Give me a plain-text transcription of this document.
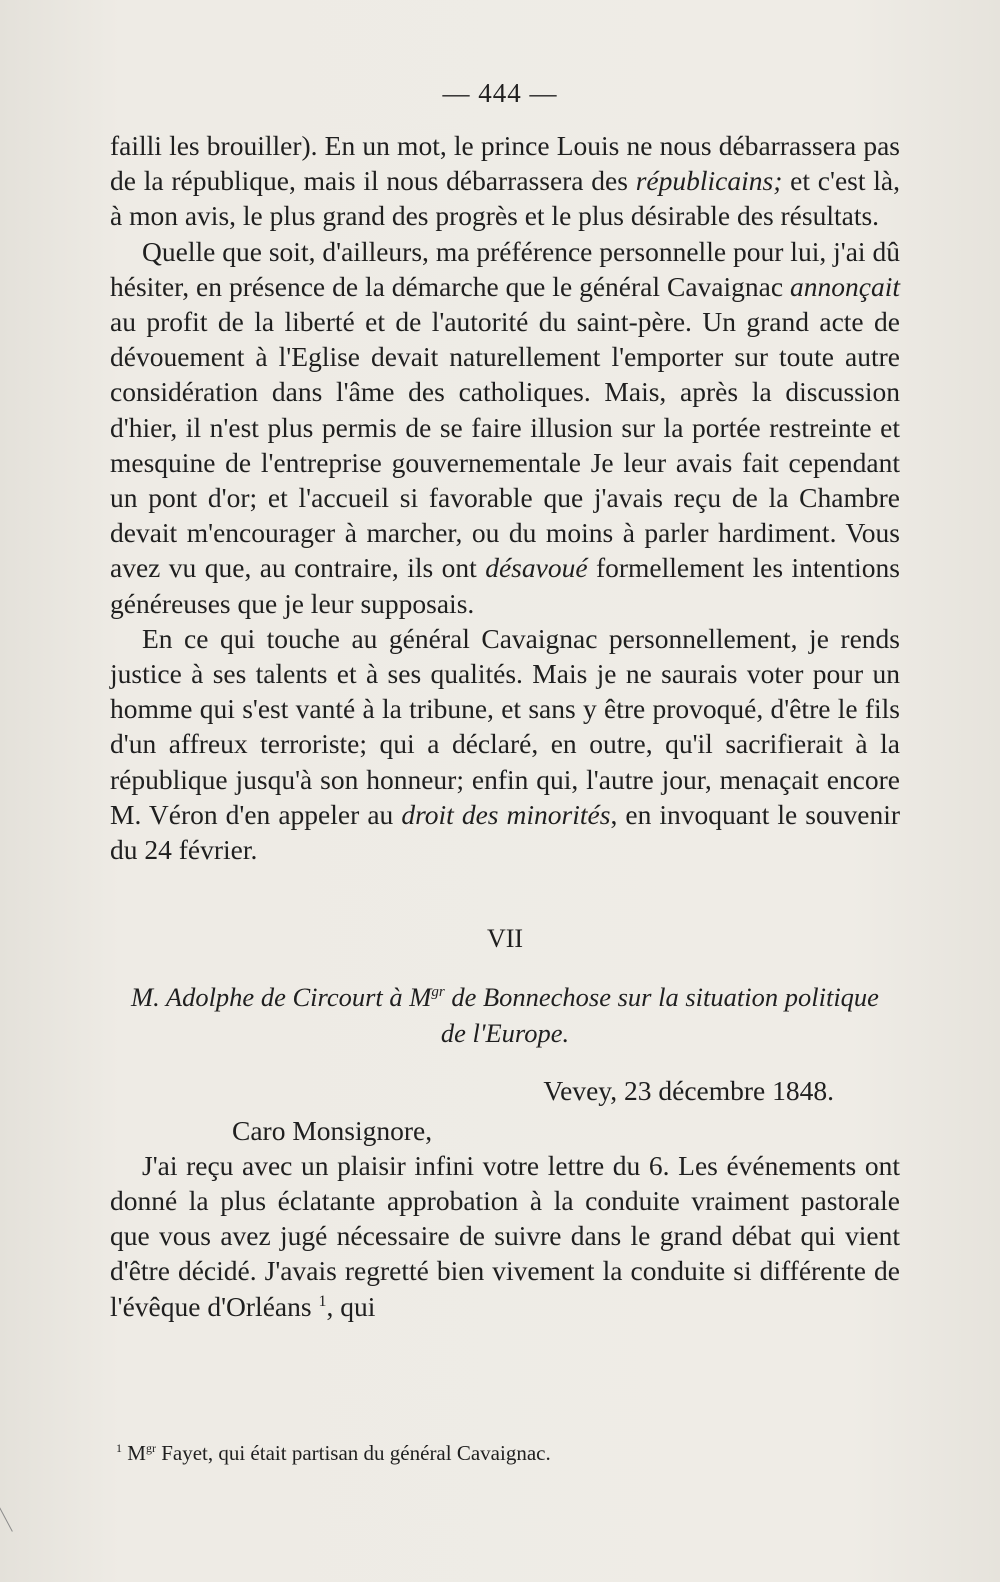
— 444 —

failli les brouiller). En un mot, le prince Louis ne nous débarrassera pas de la république, mais il nous débarrassera des républicains; et c'est là, à mon avis, le plus grand des progrès et le plus désirable des résultats.

Quelle que soit, d'ailleurs, ma préférence personnelle pour lui, j'ai dû hésiter, en présence de la démarche que le général Cavaignac annonçait au profit de la liberté et de l'autorité du saint-père. Un grand acte de dévouement à l'Eglise devait naturellement l'emporter sur toute autre considération dans l'âme des catholiques. Mais, après la discussion d'hier, il n'est plus permis de se faire illusion sur la portée restreinte et mesquine de l'entreprise gouvernementale Je leur avais fait cependant un pont d'or; et l'accueil si favorable que j'avais reçu de la Chambre devait m'encourager à marcher, ou du moins à parler hardiment. Vous avez vu que, au contraire, ils ont désavoué formellement les intentions généreuses que je leur supposais.

En ce qui touche au général Cavaignac personnellement, je rends justice à ses talents et à ses qualités. Mais je ne saurais voter pour un homme qui s'est vanté à la tribune, et sans y être provoqué, d'être le fils d'un affreux terroriste; qui a déclaré, en outre, qu'il sacrifierait à la république jusqu'à son honneur; enfin qui, l'autre jour, menaçait encore M. Véron d'en appeler au droit des minorités, en invoquant le souvenir du 24 février.

VII
M. Adolphe de Circourt à $M^{gr}$ de Bonnechose sur la situation politique de l'Europe.
Vevey, 23 décembre 1848.

Caro Monsignore,

J'ai reçu avec un plaisir infini votre lettre du 6. Les événements ont donné la plus éclatante approbation à la conduite vraiment pastorale que vous avez jugé nécessaire de suivre dans le grand débat qui vient d'être décidé. J'avais regretté bien vivement la conduite si différente de l'évêque d'Orléans $^1$, qui

$^1$ $M^{gr}$ Fayet, qui était partisan du général Cavaignac.
